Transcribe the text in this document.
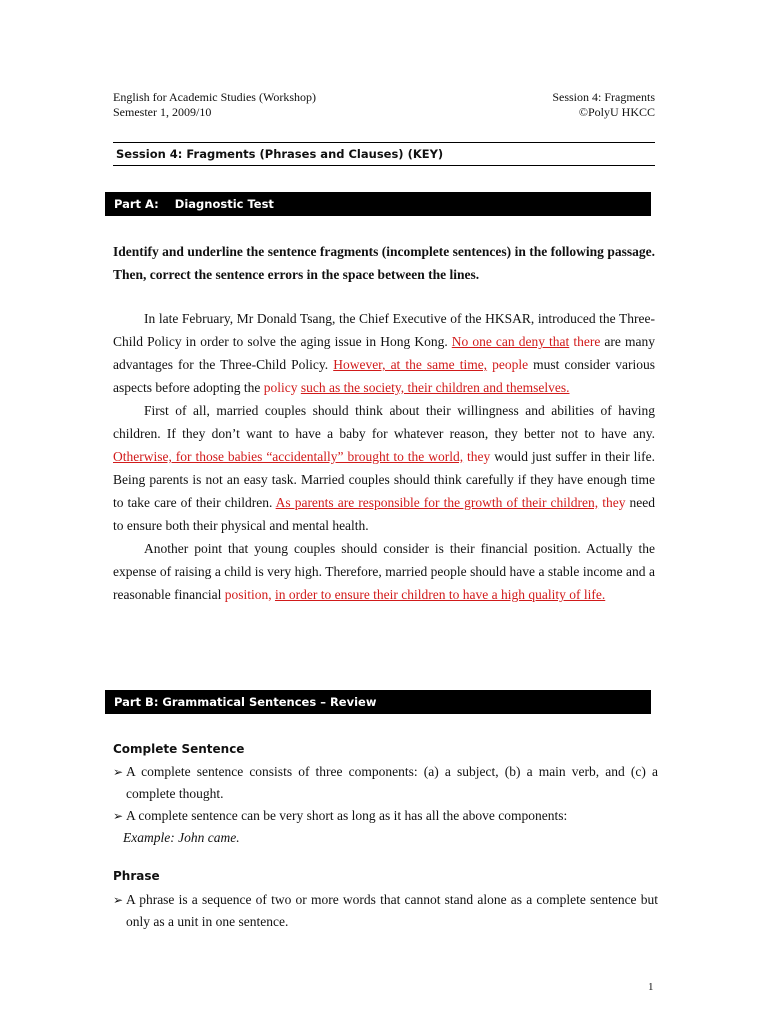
English for Academic Studies (Workshop)	Session 4: Fragments
Semester 1, 2009/10	©PolyU HKCC
Session 4: Fragments (Phrases and Clauses) (KEY)
Part A:    Diagnostic Test
Identify and underline the sentence fragments (incomplete sentences) in the following passage. Then, correct the sentence errors in the space between the lines.

In late February, Mr Donald Tsang, the Chief Executive of the HKSAR, introduced the Three-Child Policy in order to solve the aging issue in Hong Kong. No one can deny that there are many advantages for the Three-Child Policy. However, at the same time, people must consider various aspects before adopting the policy such as the society, their children and themselves.

First of all, married couples should think about their willingness and abilities of having children. If they don’t want to have a baby for whatever reason, they better not to have any. Otherwise, for those babies “accidentally” brought to the world, they would just suffer in their life. Being parents is not an easy task. Married couples should think carefully if they have enough time to take care of their children. As parents are responsible for the growth of their children, they need to ensure both their physical and mental health.

Another point that young couples should consider is their financial position. Actually the expense of raising a child is very high. Therefore, married people should have a stable income and a reasonable financial position, in order to ensure their children to have a high quality of life.

Part B: Grammatical Sentences – Review

Complete Sentence

➢ A complete sentence consists of three components: (a) a subject, (b) a main verb, and (c) a complete thought.

➢ A complete sentence can be very short as long as it has all the above components:

Example: John came.

Phrase

➢ A phrase is a sequence of two or more words that cannot stand alone as a complete sentence but only as a unit in one sentence.

1
